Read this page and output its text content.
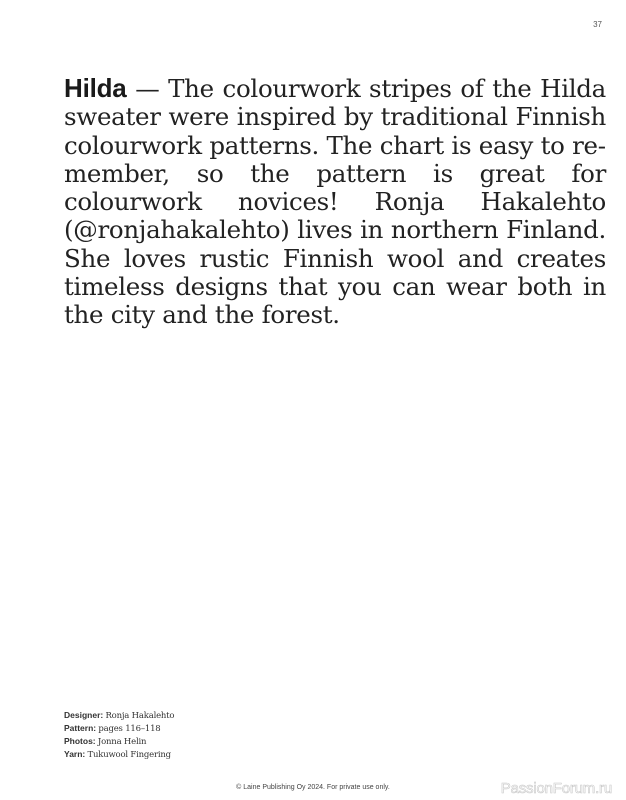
37

Hilda — The colourwork stripes of the Hilda sweater were inspired by traditional Finnish colourwork patterns. The chart is easy to remember, so the pattern is great for colourwork novices! Ronja Hakalehto (@ronjahakalehto) lives in northern Finland. She loves rustic Finnish wool and creates timeless designs that you can wear both in the city and the forest.

Designer: Ronja Hakalehto
Pattern: pages 116–118
Photos: Jonna Helin
Yarn: Tukuwool Fingering
© Laine Publishing Oy 2024. For private use only.	PassionForum.ru
